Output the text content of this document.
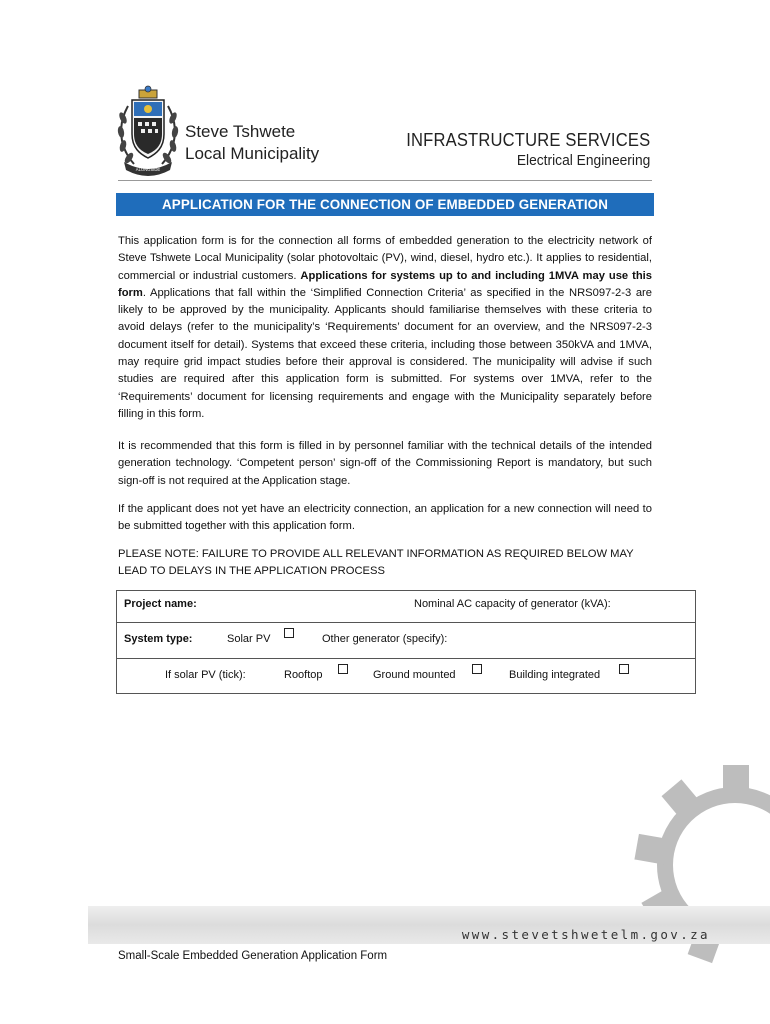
ALONGSIDE
Steve Tshwete
Local Municipality
INFRASTRUCTURE SERVICES
Electrical Engineering
APPLICATION FOR THE CONNECTION OF EMBEDDED GENERATION
This application form is for the connection all forms of embedded generation to the electricity network of Steve Tshwete Local Municipality (solar photovoltaic (PV), wind, diesel, hydro etc.). It applies to residential, commercial or industrial customers. Applications for systems up to and including 1MVA may use this form. Applications that fall within the ‘Simplified Connection Criteria’ as specified in the NRS097-2-3 are likely to be approved by the municipality. Applicants should familiarise themselves with these criteria to avoid delays (refer to the municipality’s ‘Requirements’ document for an overview, and the NRS097-2-3 document itself for detail). Systems that exceed these criteria, including those between 350kVA and 1MVA, may require grid impact studies before their approval is considered. The municipality will advise if such studies are required after this application form is submitted. For systems over 1MVA, refer to the ‘Requirements’ document for licensing requirements and engage with the Municipality separately before filling in this form.
It is recommended that this form is filled in by personnel familiar with the technical details of the intended generation technology. ‘Competent person’ sign-off of the Commissioning Report is mandatory, but such sign-off is not required at the Application stage.
If the applicant does not yet have an electricity connection, an application for a new connection will need to be submitted together with this application form.
PLEASE NOTE: FAILURE TO PROVIDE ALL RELEVANT INFORMATION AS REQUIRED BELOW MAY LEAD TO DELAYS IN THE APPLICATION PROCESS
Project name:	Nominal AC capacity of generator (kVA):
System type:	Solar PV	Other generator (specify):
If solar PV (tick):	Rooftop	Ground mounted	Building integrated
www.stevetshwetelm.gov.za
Small-Scale Embedded Generation Application Form
